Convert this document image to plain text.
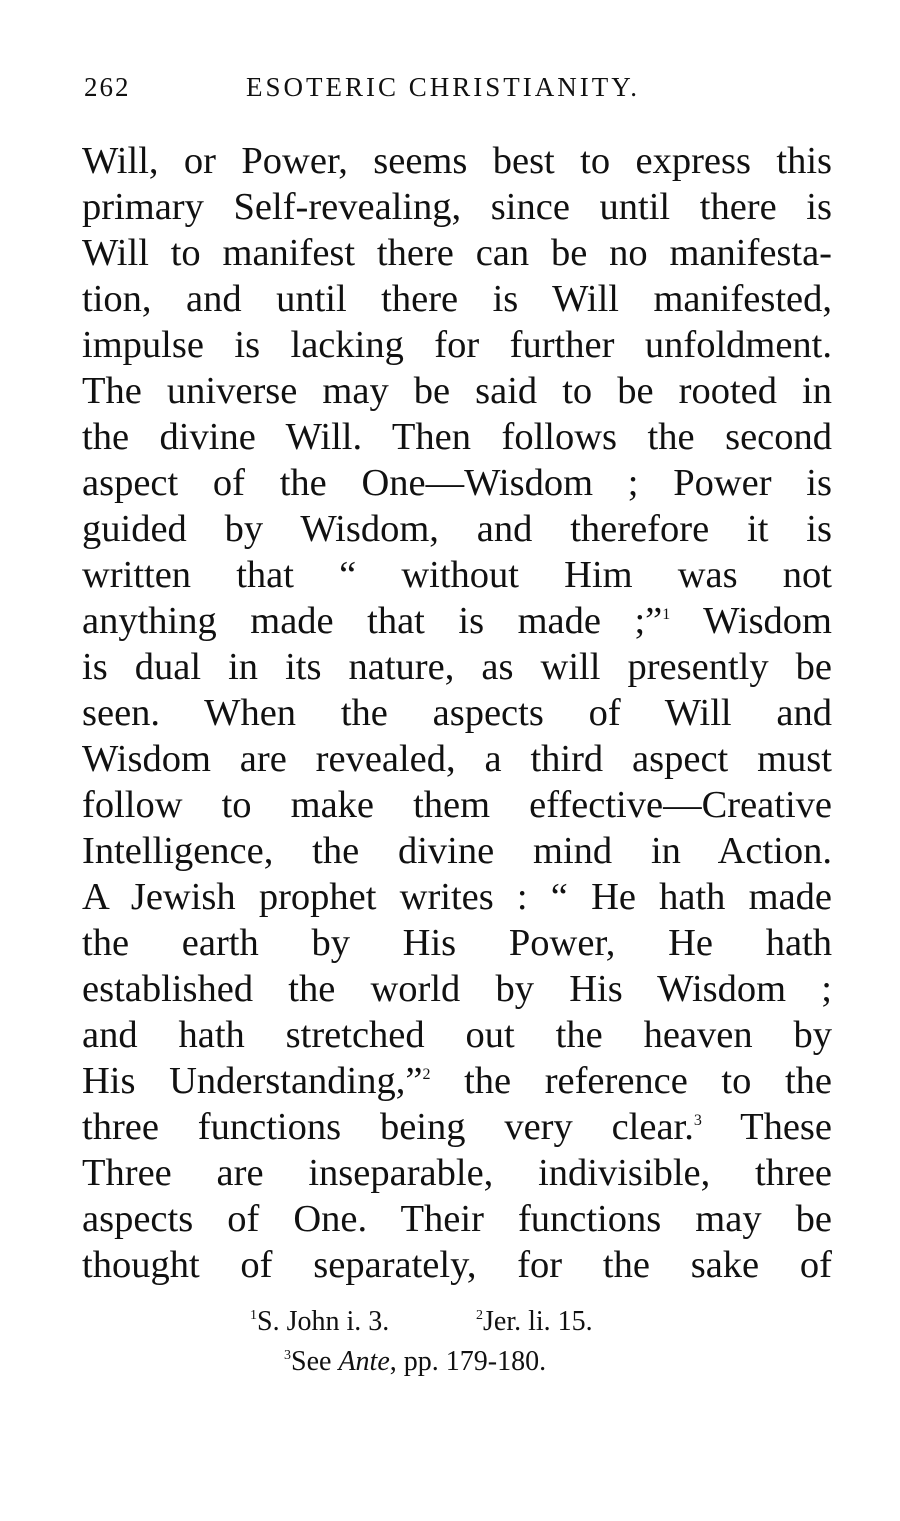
262	ESOTERIC CHRISTIANITY.
Will, or Power, seems best to express this
primary Self-revealing, since until there is
Will to manifest there can be no manifesta-
tion, and until there is Will manifested,
impulse is lacking for further unfoldment.
The universe may be said to be rooted in
the divine Will. Then follows the second
aspect of the One—Wisdom ; Power is
guided by Wisdom, and therefore it is
written that “ without Him was not
anything made that is made ;”$^1$ Wisdom
is dual in its nature, as will presently be
seen. When the aspects of Will and
Wisdom are revealed, a third aspect must
follow to make them effective—Creative
Intelligence, the divine mind in Action.
A Jewish prophet writes : “ He hath made
the earth by His Power, He hath
established the world by His Wisdom ;
and hath stretched out the heaven by
His Understanding,”$^2$ the reference to the
three functions being very clear.$^3$ These
Three are inseparable, indivisible, three
aspects of One. Their functions may be
thought of separately, for the sake of
$^1$S. John i. 3.	$^2$Jer. li. 15.
$^3$See Ante, pp. 179-180.
